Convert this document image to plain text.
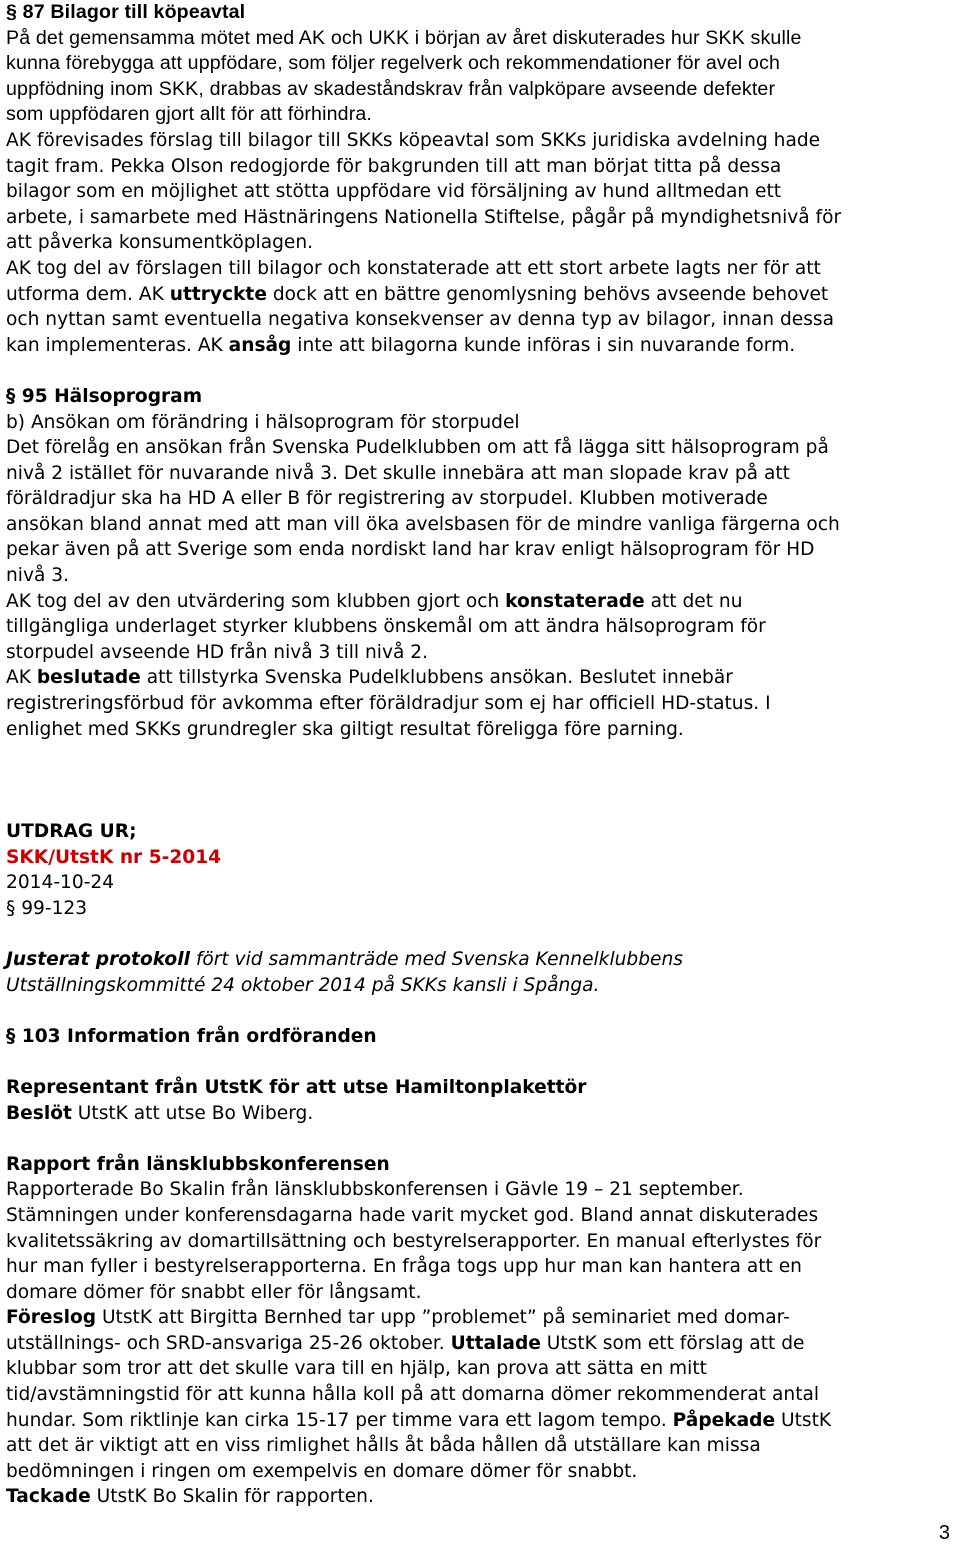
§ 87 Bilagor till köpeavtal
På det gemensamma mötet med AK och UKK i början av året diskuterades hur SKK skulle
kunna förebygga att uppfödare, som följer regelverk och rekommendationer för avel och
uppfödning inom SKK, drabbas av skadeståndskrav från valpköpare avseende defekter
som uppfödaren gjort allt för att förhindra.
AK förevisades förslag till bilagor till SKKs köpeavtal som SKKs juridiska avdelning hade
tagit fram. Pekka Olson redogjorde för bakgrunden till att man börjat titta på dessa
bilagor som en möjlighet att stötta uppfödare vid försäljning av hund alltmedan ett
arbete, i samarbete med Hästnäringens Nationella Stiftelse, pågår på myndighetsnivå för
att påverka konsumentköplagen.
AK tog del av förslagen till bilagor och konstaterade att ett stort arbete lagts ner för att
utforma dem. AK uttryckte dock att en bättre genomlysning behövs avseende behovet
och nyttan samt eventuella negativa konsekvenser av denna typ av bilagor, innan dessa
kan implementeras. AK ansåg inte att bilagorna kunde införas i sin nuvarande form.
§ 95 Hälsoprogram
b) Ansökan om förändring i hälsoprogram för storpudel
Det förelåg en ansökan från Svenska Pudelklubben om att få lägga sitt hälsoprogram på
nivå 2 istället för nuvarande nivå 3. Det skulle innebära att man slopade krav på att
föräldradjur ska ha HD A eller B för registrering av storpudel. Klubben motiverade
ansökan bland annat med att man vill öka avelsbasen för de mindre vanliga färgerna och
pekar även på att Sverige som enda nordiskt land har krav enligt hälsoprogram för HD
nivå 3.
AK tog del av den utvärdering som klubben gjort och konstaterade att det nu
tillgängliga underlaget styrker klubbens önskemål om att ändra hälsoprogram för
storpudel avseende HD från nivå 3 till nivå 2.
AK beslutade att tillstyrka Svenska Pudelklubbens ansökan. Beslutet innebär
registreringsförbud för avkomma efter föräldradjur som ej har officiell HD-status. I
enlighet med SKKs grundregler ska giltigt resultat föreligga före parning.
UTDRAG UR;
SKK/UtstK nr 5-2014
2014-10-24
§ 99-123
Justerat protokoll fört vid sammanträde med Svenska Kennelklubbens
Utställningskommitté 24 oktober 2014 på SKKs kansli i Spånga.
§ 103 Information från ordföranden
Representant från UtstK för att utse Hamiltonplakettör
Beslöt UtstK att utse Bo Wiberg.
Rapport från länsklubbskonferensen
Rapporterade Bo Skalin från länsklubbskonferensen i Gävle 19 – 21 september.
Stämningen under konferensdagarna hade varit mycket god. Bland annat diskuterades
kvalitetssäkring av domartillsättning och bestyrelserapporter. En manual efterlystes för
hur man fyller i bestyrelserapporterna. En fråga togs upp hur man kan hantera att en
domare dömer för snabbt eller för långsamt.
Föreslog UtstK att Birgitta Bernhed tar upp ”problemet” på seminariet med domar-
utställnings- och SRD-ansvariga 25-26 oktober. Uttalade UtstK som ett förslag att de
klubbar som tror att det skulle vara till en hjälp, kan prova att sätta en mitt
tid/avstämningstid för att kunna hålla koll på att domarna dömer rekommenderat antal
hundar. Som riktlinje kan cirka 15-17 per timme vara ett lagom tempo. Påpekade UtstK
att det är viktigt att en viss rimlighet hålls åt båda hållen då utställare kan missa
bedömningen i ringen om exempelvis en domare dömer för snabbt.
Tackade UtstK Bo Skalin för rapporten.
3
